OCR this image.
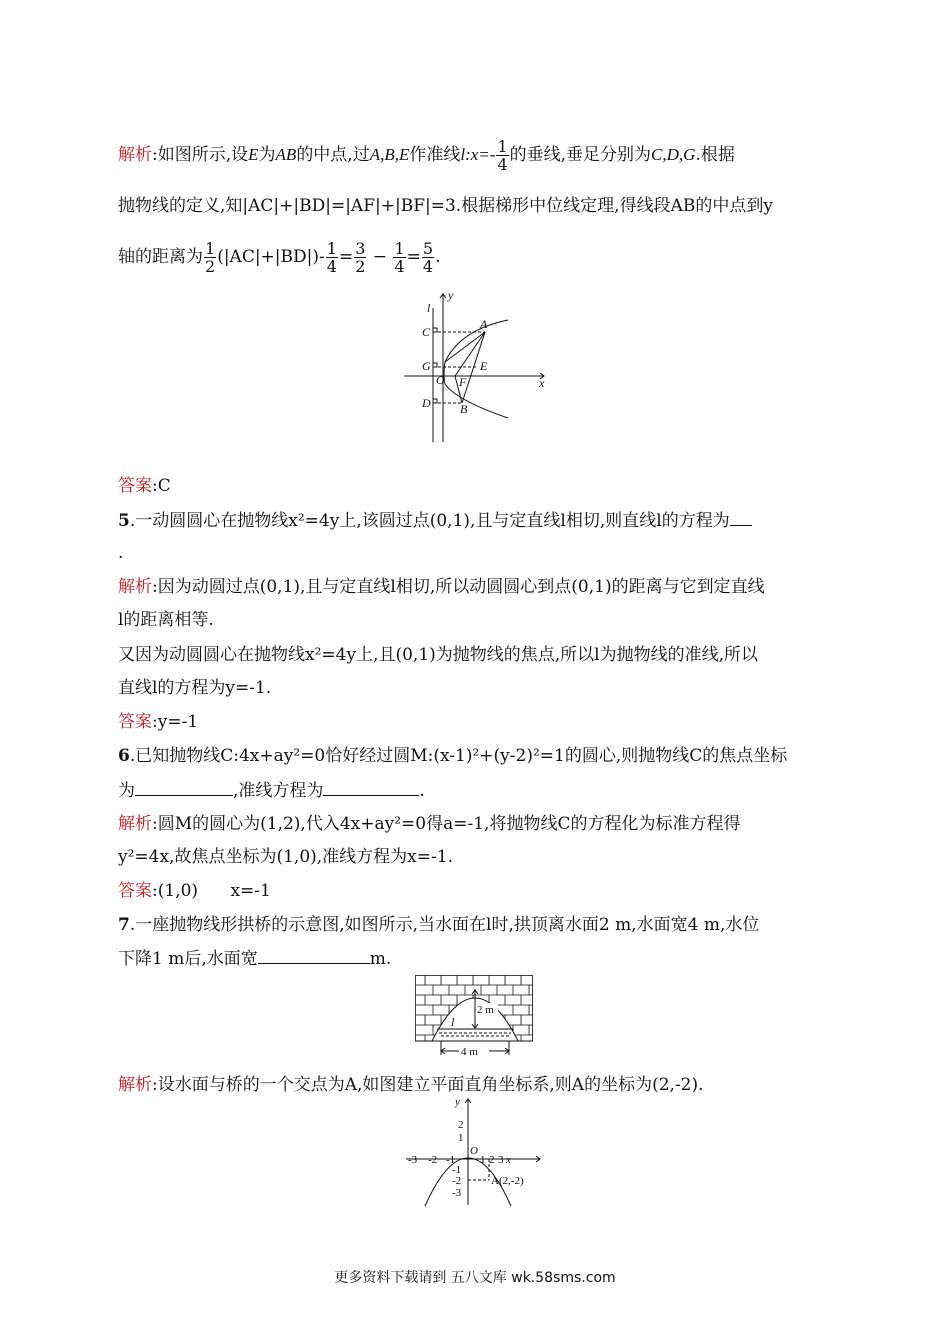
解析:如图所示,设E为AB的中点,过A,B,E作准线l:x=- $\frac{1}{4}$ 的垂线,垂足分别为C,D,G.根据
抛物线的定义,知|AC|+|BD|=|AF|+|BF|=3.根据梯形中位线定理,得线段AB的中点到y
轴的距离为 $\frac{1}{2} (|AC|+|BD|)- \frac{1}{4} = \frac{3}{2} - \frac{1}{4} = \frac{5}{4}$ .
y
l
C
A
G	E
O F	x
D B
答案:C
5.一动圆圆心在抛物线x²=4y上,该圆过点(0,1),且与定直线l相切,则直线l的方程为
.
解析:因为动圆过点(0,1),且与定直线l相切,所以动圆圆心到点(0,1)的距离与它到定直线
l的距离相等.
又因为动圆圆心在抛物线x²=4y上,且(0,1)为抛物线的焦点,所以l为抛物线的准线,所以
直线l的方程为y=-1.
答案:y=-1
6.已知抛物线C:4x+ay²=0恰好经过圆M:(x-1)²+(y-2)²=1的圆心,则抛物线C的焦点坐标
为	,准线方程为	.
解析:圆M的圆心为(1,2),代入4x+ay²=0得a=-1,将抛物线C的方程化为标准方程得
y²=4x,故焦点坐标为(1,0),准线方程为x=-1.
答案:(1,0)      x=-1
7.一座抛物线形拱桥的示意图,如图所示,当水面在l时,拱顶离水面2 m,水面宽4 m,水位
下降1 m后,水面宽	m.
2 m
l
4 m
解析:设水面与桥的一个交点为A,如图建立平面直角坐标系,则A的坐标为(2,-2).
y
2
1
O
-3 -2 -1 1 2 3 x
-1
-2
-3
A(2,-2)
更多资料下载请到 五八文库 wk.58sms.com
